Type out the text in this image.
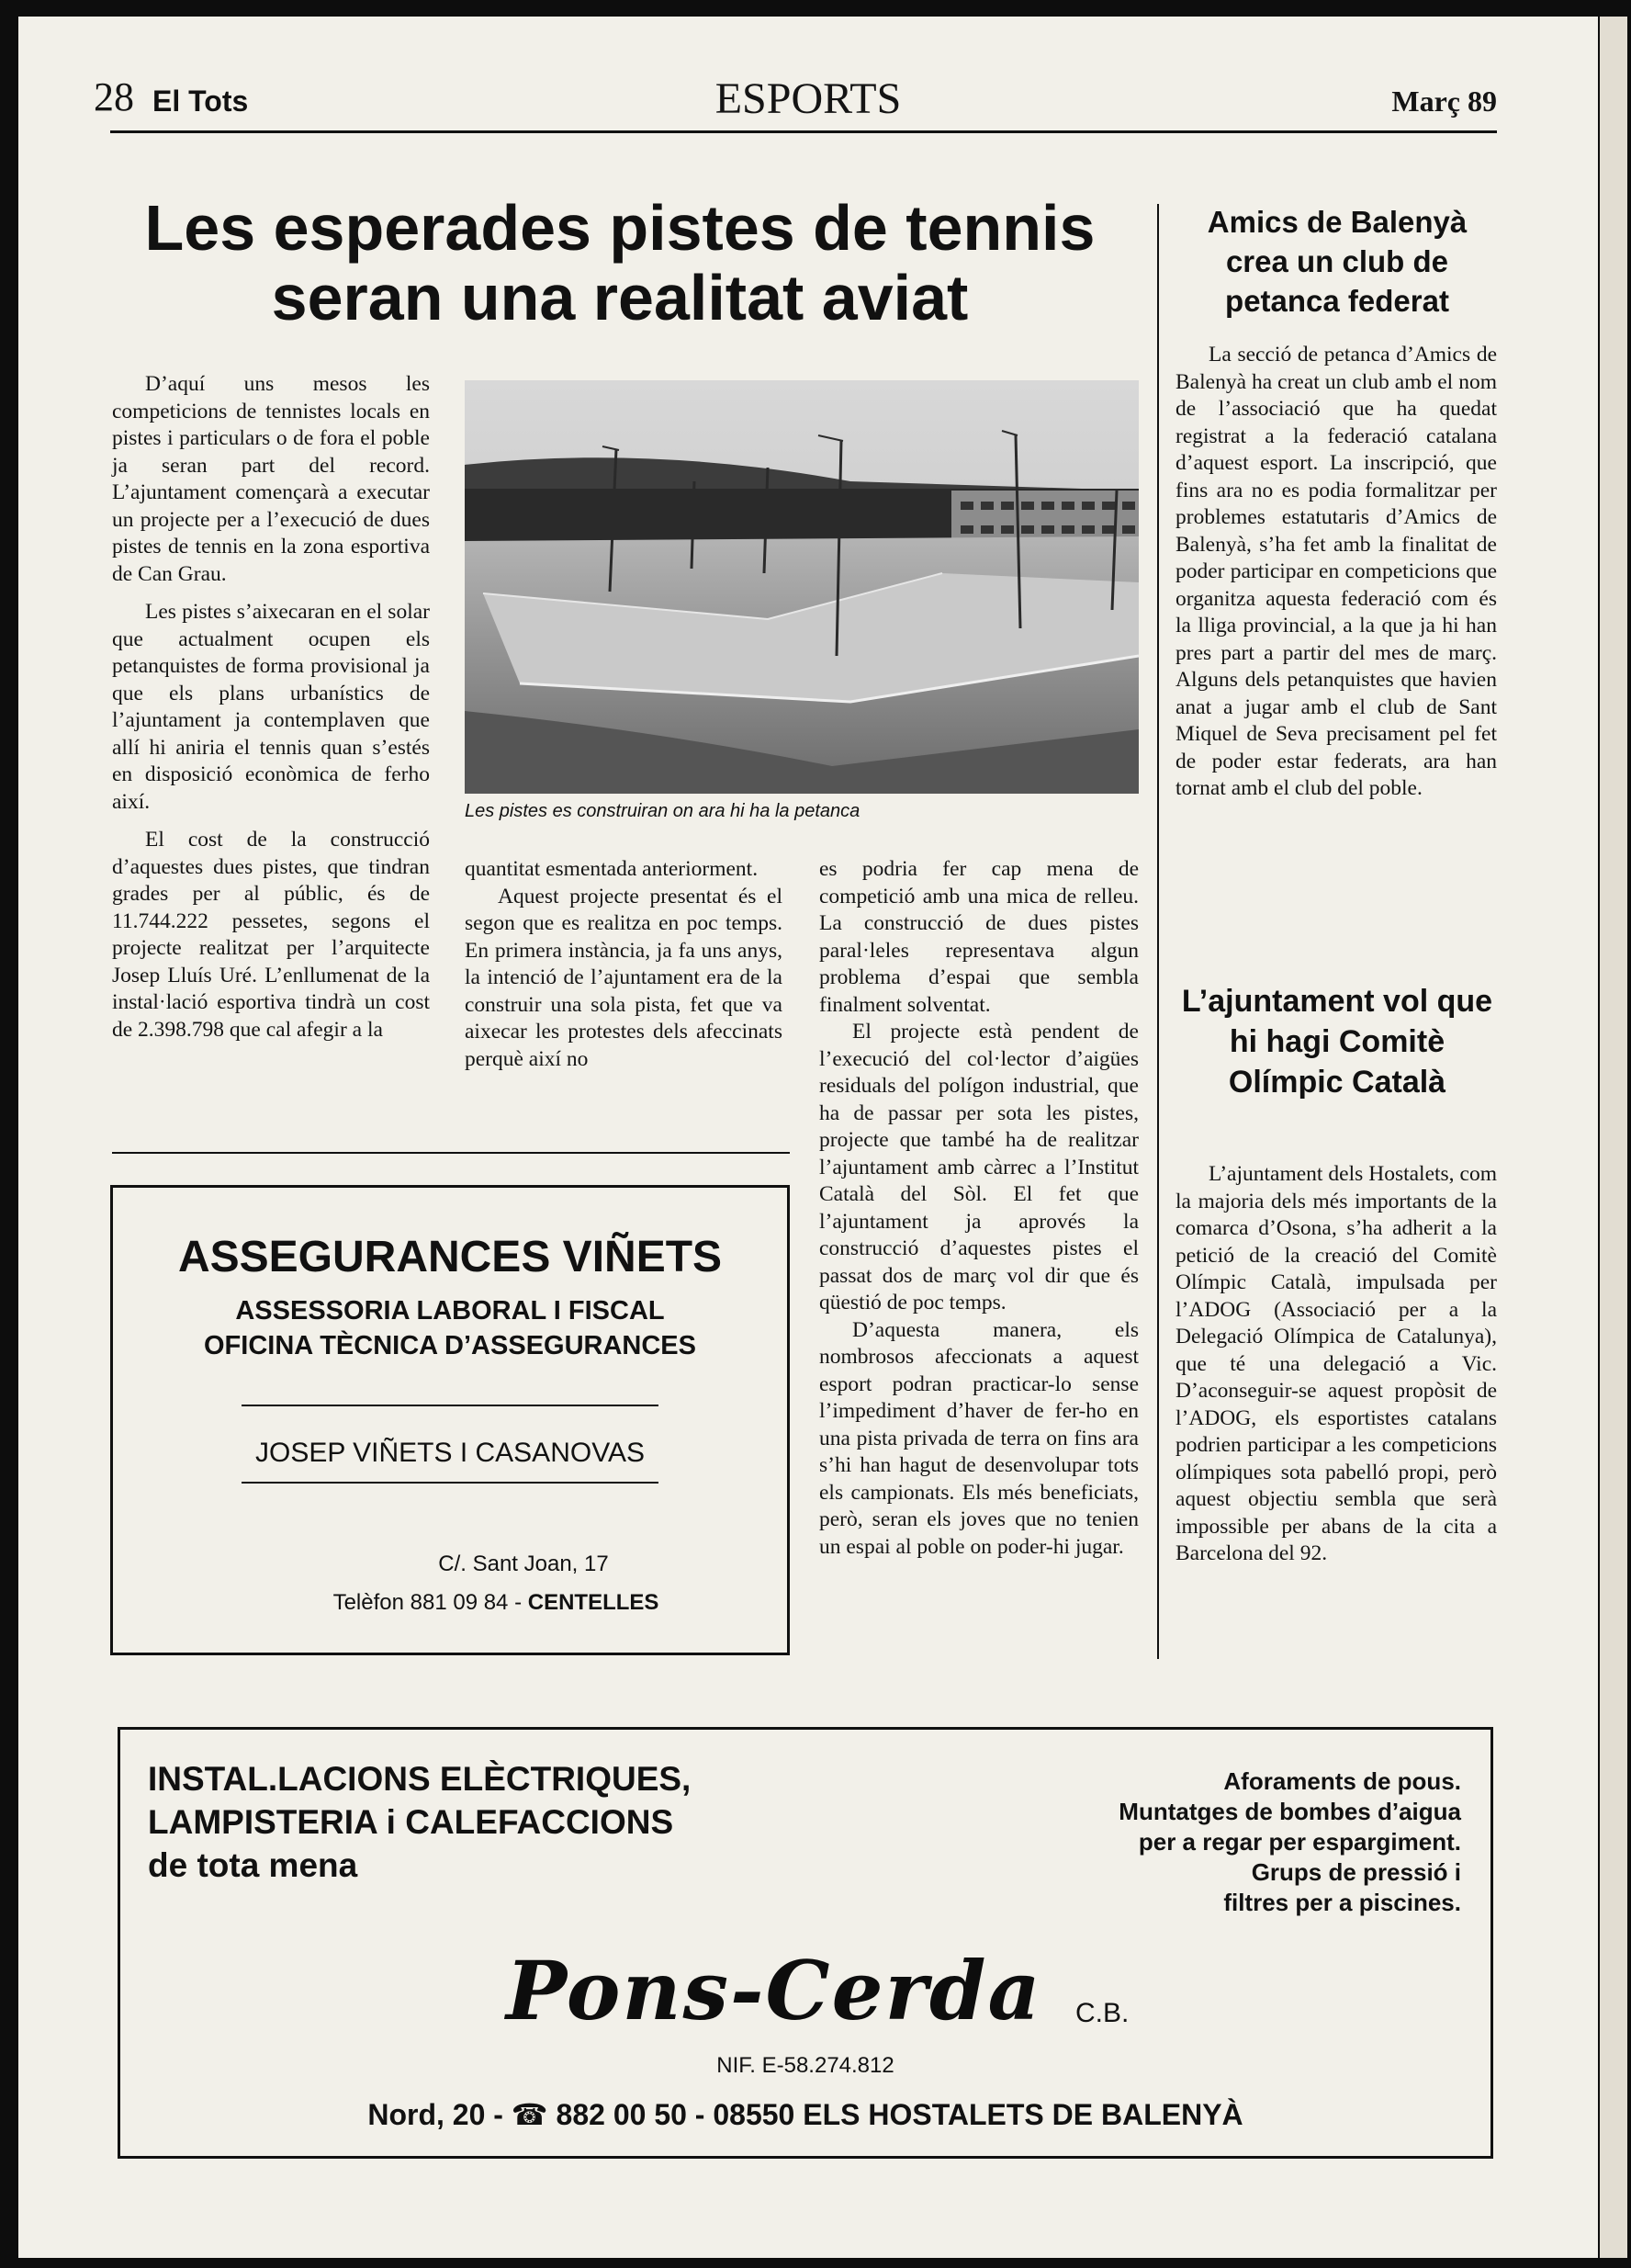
28 El Tots	ESPORTS	Març 89
Les esperades pistes de tennis seran una realitat aviat

D’aquí uns mesos les competicions de tennistes locals en pistes i particulars o de fora el poble ja seran part del record. L’ajuntament començarà a executar un projecte per a l’execució de dues pistes de tennis en la zona esportiva de Can Grau.

Les pistes s’aixecaran en el solar que actualment ocupen els petanquistes de forma provisional ja que els plans urbanístics de l’ajuntament ja contemplaven que allí hi aniria el tennis quan s’estés en disposició econòmica de ferho així.

El cost de la construcció d’aquestes dues pistes, que tindran grades per al públic, és de 11.744.222 pessetes, segons el projecte realitzat per l’arquitecte Josep Lluís Uré. L’enllumenat de la instal·lació esportiva tindrà un cost de 2.398.798 que cal afegir a la

Les pistes es construiran on ara hi ha la petanca

quantitat esmentada anteriorment.

Aquest projecte presentat és el segon que es realitza en poc temps. En primera instància, ja fa uns anys, la intenció de l’ajuntament era de la construir una sola pista, fet que va aixecar les protestes dels afeccinats perquè així no

es podria fer cap mena de competició amb una mica de relleu. La construcció de dues pistes paral·leles representava algun problema d’espai que sembla finalment solventat.

El projecte està pendent de l’execució del col·lector d’aigües residuals del polígon industrial, que ha de passar per sota les pistes, projecte que també ha de realitzar l’ajuntament amb càrrec a l’Institut Català del Sòl. El fet que l’ajuntament ja aprovés la construcció d’aquestes pistes el passat dos de març vol dir que és qüestió de poc temps.

D’aquesta manera, els nombrosos afeccionats a aquest esport podran practicar-lo sense l’impediment d’haver de fer-ho en una pista privada de terra on fins ara s’hi han hagut de desenvolupar tots els campionats. Els més beneficiats, però, seran els joves que no tenien un espai al poble on poder-hi jugar.

Amics de Balenyà crea un club de petanca federat

La secció de petanca d’Amics de Balenyà ha creat un club amb el nom de l’associació que ha quedat registrat a la federació catalana d’aquest esport. La inscripció, que fins ara no es podia formalitzar per problemes estatutaris d’Amics de Balenyà, s’ha fet amb la finalitat de poder participar en competicions que organitza aquesta federació com és la lliga provincial, a la que ja hi han pres part a partir del mes de març. Alguns dels petanquistes que havien anat a jugar amb el club de Sant Miquel de Seva precisament pel fet de poder estar federats, ara han tornat amb el club del poble.

L’ajuntament vol que hi hagi Comitè Olímpic Català

L’ajuntament dels Hostalets, com la majoria dels més importants de la comarca d’Osona, s’ha adherit a la petició de la creació del Comitè Olímpic Català, impulsada per l’ADOG (Associació per a la Delegació Olímpica de Catalunya), que té una delegació a Vic. D’aconseguir-se aquest propòsit de l’ADOG, els esportistes catalans podrien participar a les competicions olímpiques sota pabelló propi, però aquest objectiu sembla que serà impossible per abans de la cita a Barcelona del 92.

ASSEGURANCES VIÑETS
ASSESSORIA LABORAL I FISCAL
OFICINA TÈCNICA D’ASSEGURANCES
JOSEP VIÑETS I CASANOVAS
C/. Sant Joan, 17
Telèfon 881 09 84 - CENTELLES
INSTAL.LACIONS ELÈCTRIQUES,
LAMPISTERIA i CALEFACCIONS
de tota mena
Aforaments de pous.
Muntatges de bombes d’aigua
per a regar per espargiment.
Grups de pressió i
filtres per a piscines.
Pons-Cerda	C.B.
NIF. E-58.274.812
Nord, 20 - ☎ 882 00 50 - 08550 ELS HOSTALETS DE BALENYÀ
